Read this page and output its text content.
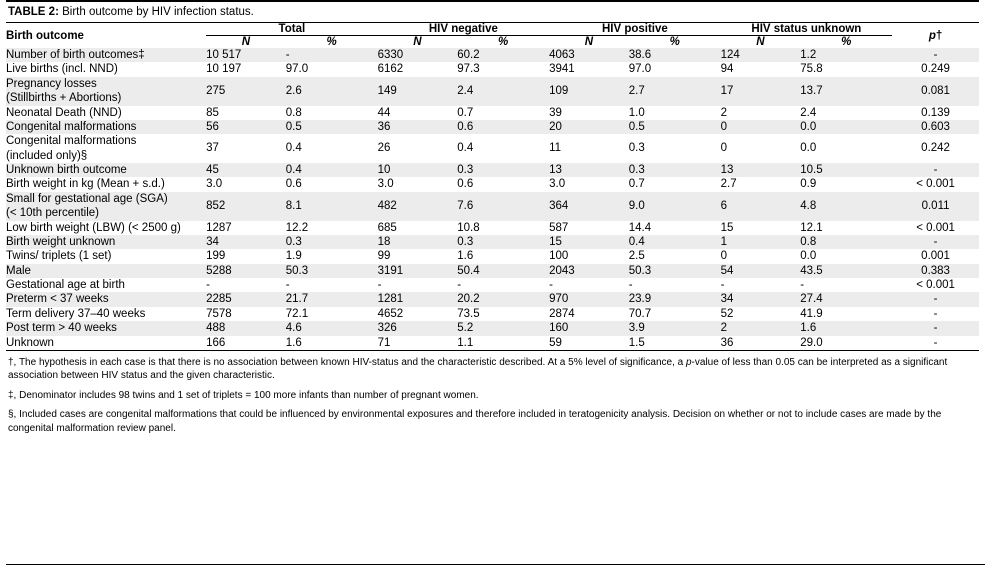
TABLE 2: Birth outcome by HIV infection status.
Birth outcome	Total		HIV negative		HIV positive		HIV status unknown		p†
	N	%	N	%	N	%	N	%	
Number of birth outcomes‡	10 517	-	6330	60.2	4063	38.6	124	1.2	-
Live births (incl. NND)	10 197	97.0	6162	97.3	3941	97.0	94	75.8	0.249
Pregnancy losses
(Stillbirths + Abortions)	275	2.6	149	2.4	109	2.7	17	13.7	0.081
Neonatal Death (NND)	85	0.8	44	0.7	39	1.0	2	2.4	0.139
Congenital malformations	56	0.5	36	0.6	20	0.5	0	0.0	0.603
Congenital malformations
(included only)§	37	0.4	26	0.4	11	0.3	0	0.0	0.242
Unknown birth outcome	45	0.4	10	0.3	13	0.3	13	10.5	-
Birth weight in kg (Mean + s.d.)	3.0	0.6	3.0	0.6	3.0	0.7	2.7	0.9	< 0.001
Small for gestational age (SGA)
(< 10th percentile)	852	8.1	482	7.6	364	9.0	6	4.8	0.011
Low birth weight (LBW) (< 2500 g)	1287	12.2	685	10.8	587	14.4	15	12.1	< 0.001
Birth weight unknown	34	0.3	18	0.3	15	0.4	1	0.8	-
Twins/ triplets (1 set)	199	1.9	99	1.6	100	2.5	0	0.0	0.001
Male	5288	50.3	3191	50.4	2043	50.3	54	43.5	0.383
Gestational age at birth	-	-	-	-	-	-	-	-	< 0.001
Preterm < 37 weeks	2285	21.7	1281	20.2	970	23.9	34	27.4	-
Term delivery 37–40 weeks	7578	72.1	4652	73.5	2874	70.7	52	41.9	-
Post term > 40 weeks	488	4.6	326	5.2	160	3.9	2	1.6	-
Unknown	166	1.6	71	1.1	59	1.5	36	29.0	-

†, The hypothesis in each case is that there is no association between known HIV-status and the characteristic described. At a 5% level of significance, a p-value of less than 0.05 can be interpreted as a significant association between HIV status and the given characteristic.

‡, Denominator includes 98 twins and 1 set of triplets = 100 more infants than number of pregnant women.

§, Included cases are congenital malformations that could be influenced by environmental exposures and therefore included in teratogenicity analysis. Decision on whether or not to include cases are made by the congenital malformation review panel.
